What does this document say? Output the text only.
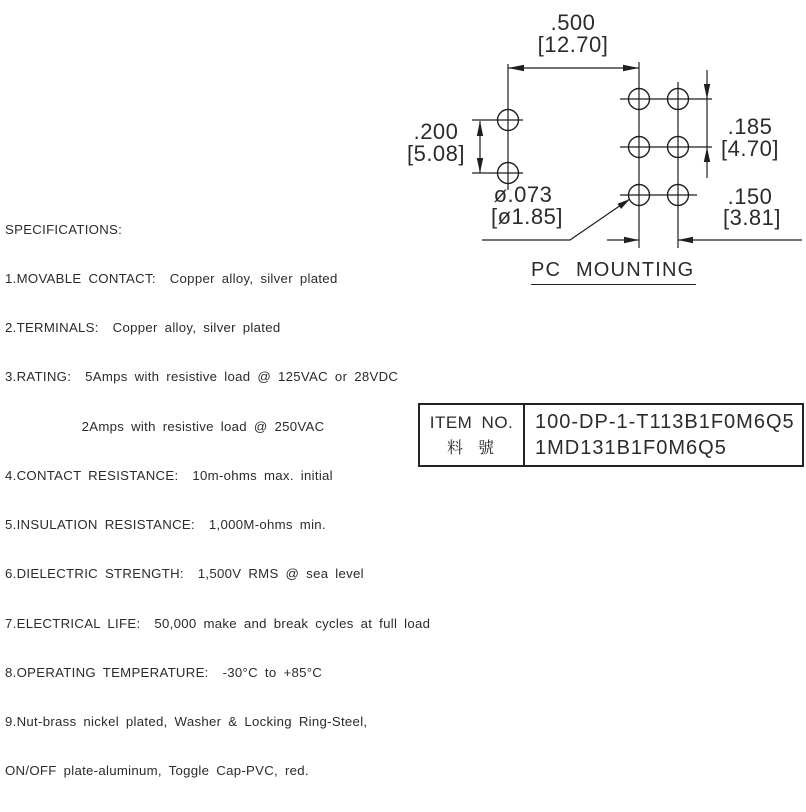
.500
[12.70]
.200
[5.08]
ø.073
[ø1.85]
.185
[4.70]
.150
[3.81]
PC MOUNTING

SPECIFICATIONS:

1.MOVABLE CONTACT:  Copper alloy, silver plated

2.TERMINALS:  Copper alloy, silver plated

3.RATING:  5Amps with resistive load @ 125VAC or 28VDC

2Amps with resistive load @ 250VAC

4.CONTACT RESISTANCE:  10m-ohms max. initial

5.INSULATION RESISTANCE:  1,000M-ohms min.

6.DIELECTRIC STRENGTH:  1,500V RMS @ sea level

7.ELECTRICAL LIFE:  50,000 make and break cycles at full load

8.OPERATING TEMPERATURE:  -30°C to +85°C

9.Nut-brass nickel plated, Washer & Locking Ring-Steel,

ON/OFF plate-aluminum, Toggle Cap-PVC, red.

ITEM NO.
料  號
100-DP-1-T113B1F0M6Q5
1MD131B1F0M6Q5
